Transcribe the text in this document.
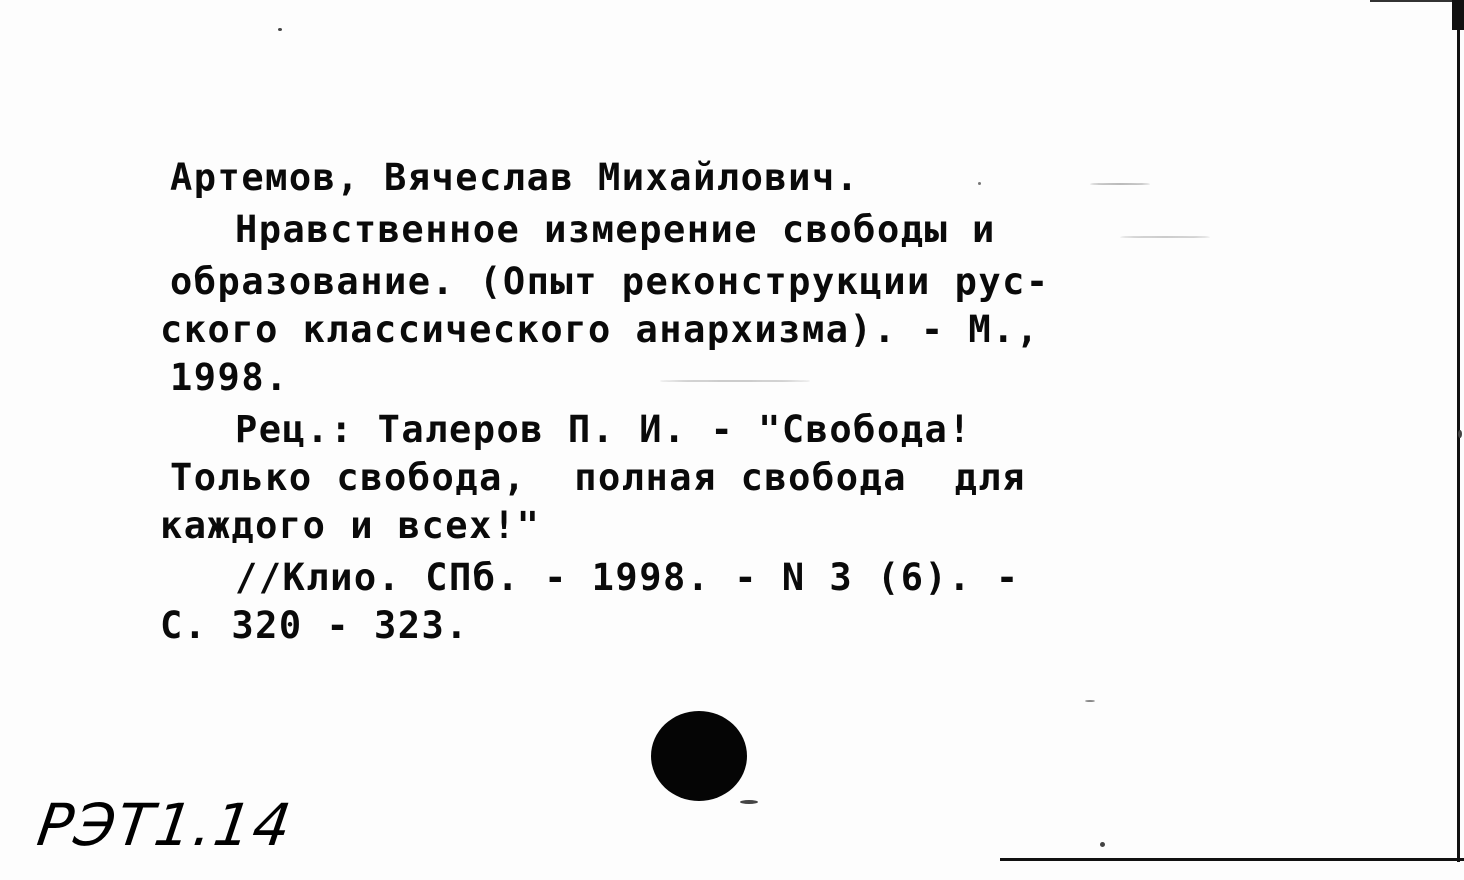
Артемов, Вячеслав Михайлович.
Нравственное измерение свободы и
образование. (Опыт реконструкции рус-
ского классического анархизма). - М.,
1998.
Рец.: Талеров П. И. - "Свобода!
Только свобода,  полная свобода  для
каждого и всех!"
//Клио. СПб. - 1998. - N 3 (6). -
С. 320 - 323.
РЭТ1.14
